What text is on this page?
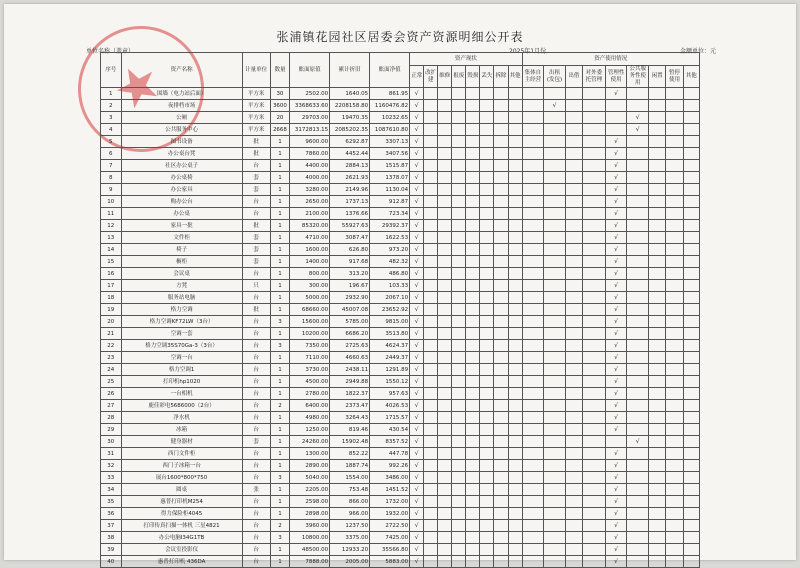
张浦镇花园社区居委会资产资源明细公开表
单位名称（盖章）	2025年1月份	金额单位：元
序号	资产名称	计量单位	数量	账面原值	累计折旧	账面净值	资产现状								资产使用情况								
							正常	改扩建	维修	报废	毁损	丢失	拆除	其他	集体自主经营	出租(发包)	出借	对外委托管理	管理性使用	公共服务性使用	闲置	暂停使用	其他
1	围墙（电力站后面）	平方米	30	2502.00	1640.05	861.95	√												√				
2	夜排档市场	平方米	3600	3368633.60	2208158.80	1160476.82	√									√							
3	公厕	平方米	20	29703.00	19470.35	10232.65	√													√			
4	公共服务中心	平方米	2668	3172813.15	2085202.35	1087610.80	√													√			
5	图书设备	批	1	9600.00	6292.87	3307.13	√												√				
6	办公桌台凳	批	1	7860.00	4452.44	3407.56	√												√				
7	社区办公桌子	台	1	4400.00	2884.13	1515.87	√												√				
8	办公桌椅	套	1	4000.00	2621.93	1378.07	√												√				
9	办公家具	套	1	3280.00	2149.96	1130.04	√												√				
10	购办公台	台	1	2650.00	1737.13	912.87	√												√				
11	办公桌	台	1	2100.00	1376.66	723.34	√												√				
12	家具一批	批	1	85320.00	55927.63	29392.37	√												√				
13	文件柜	套	1	4710.00	3087.47	1622.53	√												√				
14	椅子	套	1	1600.00	626.80	973.20	√												√				
15	橱柜	套	1	1400.00	917.68	482.32	√												√				
16	会议桌	台	1	800.00	313.20	486.80	√												√				
17	方凳	只	1	300.00	196.67	103.33	√												√				
18	服务站电脑	台	1	5000.00	2932.90	2067.10	√												√				
19	格力空调	批	1	68660.00	45007.08	23652.92	√												√				
20	格力空调KF72LW（3台）	台	3	15600.00	5785.00	9815.00	√												√				
21	空调一套	台	1	10200.00	6686.20	3513.80	√												√				
22	格力空调35S70Ga-3（3台）	台	3	7350.00	2725.63	4624.37	√												√				
23	空调一台	台	1	7110.00	4660.63	2449.37	√												√				
24	格力空调1	台	1	3730.00	2438.11	1291.89	√												√				
25	打印机hp1020	台	1	4500.00	2949.88	1550.12	√												√				
26	一台相机	台	1	2780.00	1822.37	957.63	√												√				
27	鹿佳彩电5686000（2台）	台	2	6400.00	2373.47	4026.53	√												√				
28	净水机	台	1	4980.00	3264.43	1715.57	√												√				
29	冰箱	台	1	1250.00	819.46	430.54	√												√				
30	健身器材	套	1	24260.00	15902.48	8357.52	√													√			
31	西门文件柜	台	1	1300.00	852.22	447.78	√												√				
32	西门子冰箱一台	台	1	2890.00	1887.74	992.26	√												√				
33	展台1600*800*750	台	3	5040.00	1554.00	3486.00	√												√				
34	圆桌	张	1	2205.00	753.48	1451.52	√												√				
35	惠普打印机M254	台	1	2598.00	866.00	1732.00	√												√				
36	得力保险柜4045	台	1	2898.00	966.00	1932.00	√												√				
37	打印传真扫描一体机 三星4821	台	2	3960.00	1237.50	2722.50	√												√				
38	办公电脑I34G1TB	台	3	10800.00	3375.00	7425.00	√												√				
39	会议室投影仪	台	1	48500.00	12933.20	35566.80	√												√				
40	惠普打印机 436DA	台	1	7888.00	2005.00	5883.00	√												√				
